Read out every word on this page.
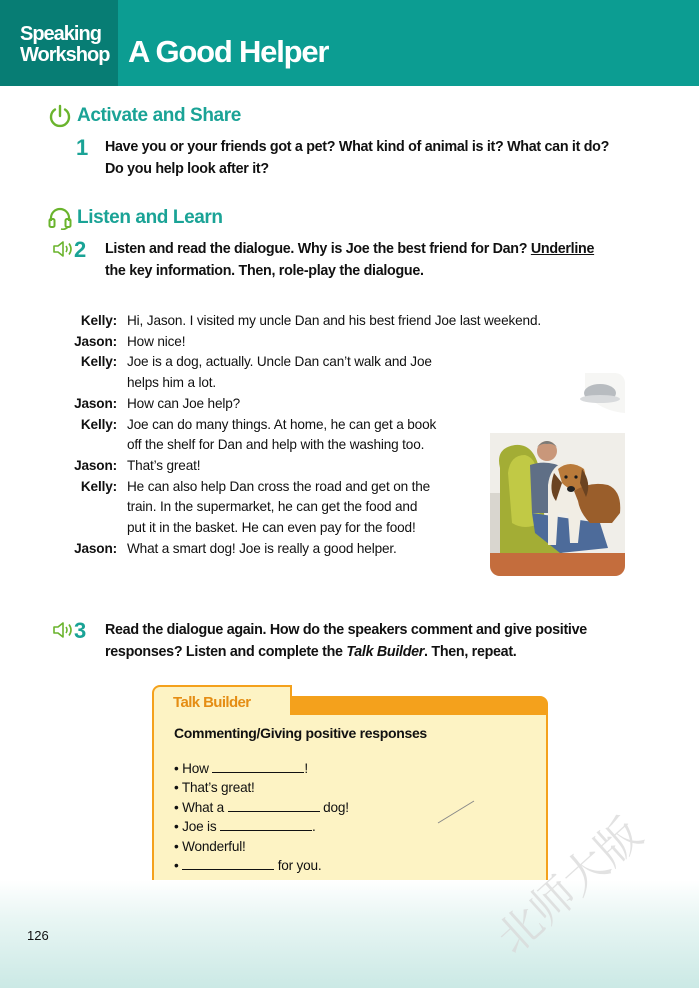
Speaking
Workshop A Good Helper
Activate and Share
1 Have you or your friends got a pet? What kind of animal is it? What can it do?
Do you help look after it?
Listen and Learn
2 Listen and read the dialogue. Why is Joe the best friend for Dan? Underline
the key information. Then, role-play the dialogue.
Kelly: Hi, Jason. I visited my uncle Dan and his best friend Joe last weekend.
Jason: How nice!
Kelly: Joe is a dog, actually. Uncle Dan can’t walk and Joe
helps him a lot.
Jason: How can Joe help?
Kelly: Joe can do many things. At home, he can get a book
off the shelf for Dan and help with the washing too.
Jason: That’s great!
Kelly: He can also help Dan cross the road and get on the
train. In the supermarket, he can get the food and
put it in the basket. He can even pay for the food!
Jason: What a smart dog! Joe is really a good helper.
3 Read the dialogue again. How do the speakers comment and give positive
responses? Listen and complete the Talk Builder. Then, repeat.
Talk Builder
Commenting/Giving positive responses
• How	!
• That’s great!
• What a	dog!
• Joe is	.
• Wonderful!
•	for you.
126	北师大版
